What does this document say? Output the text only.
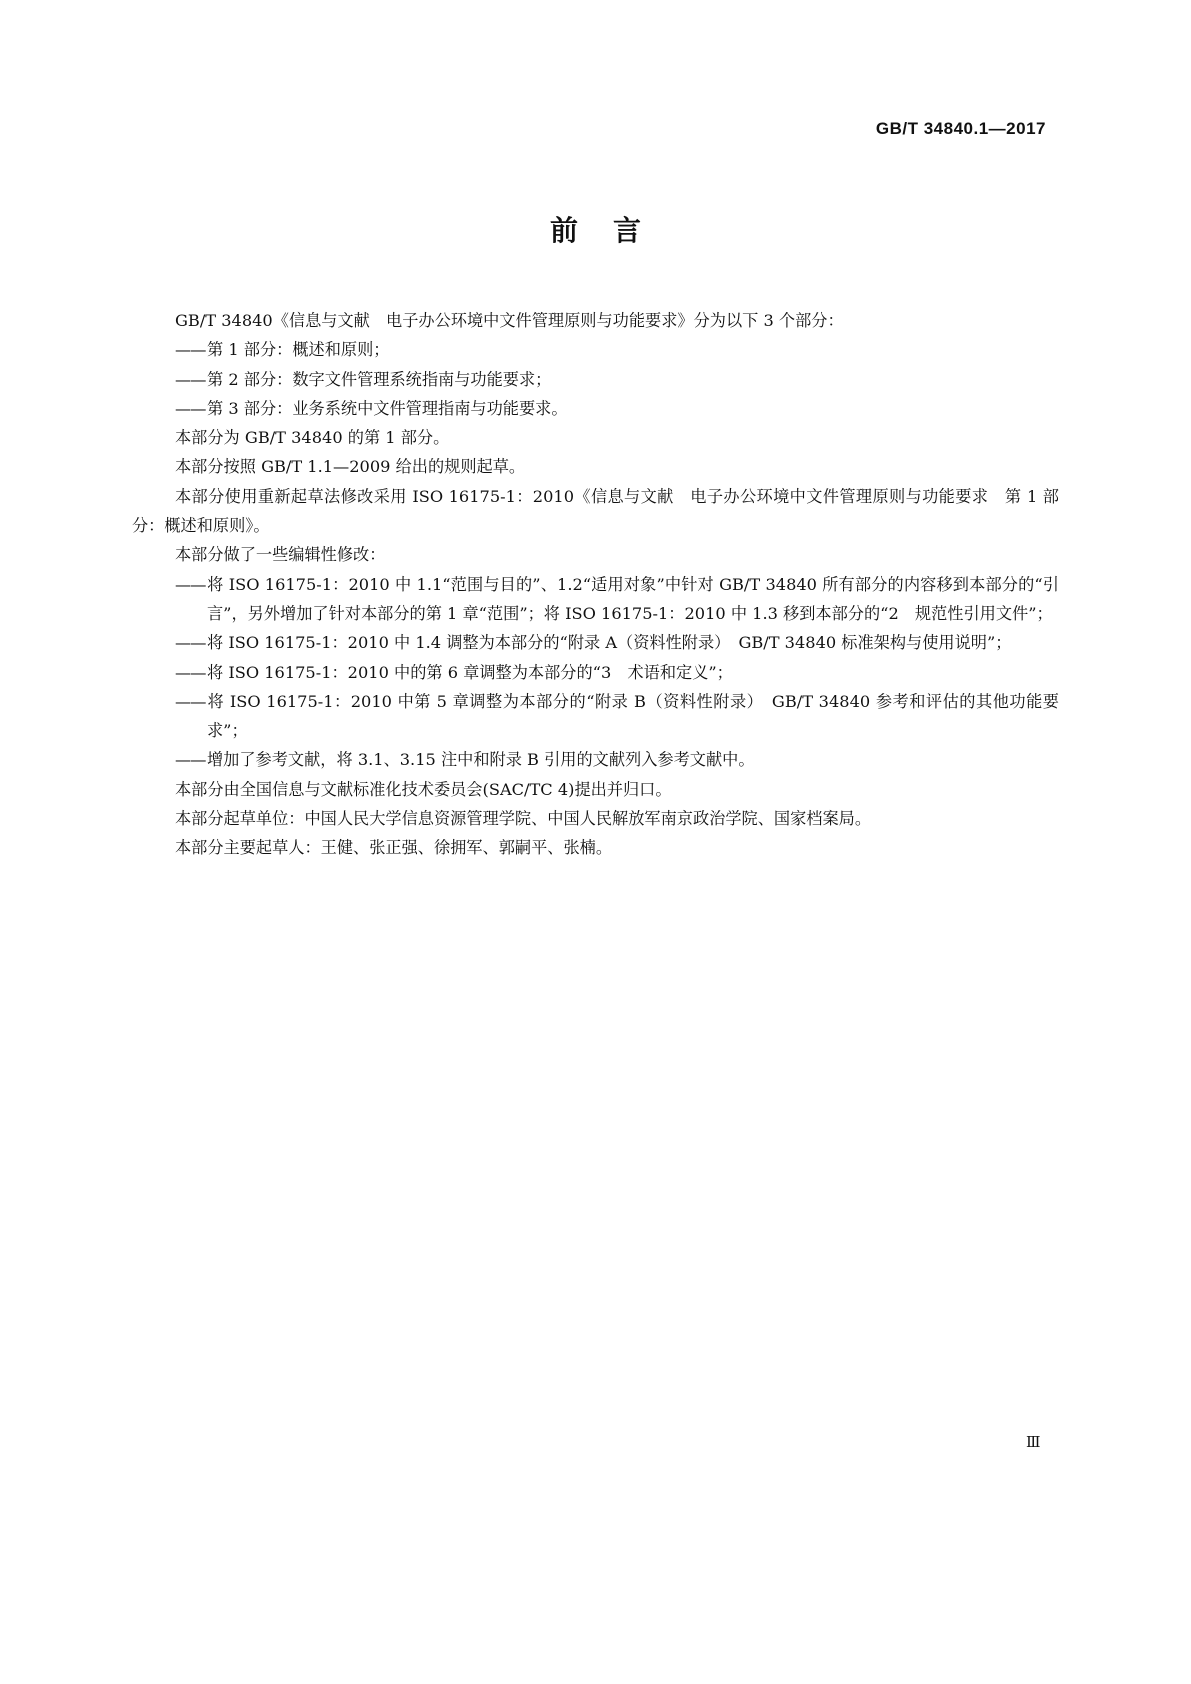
GB/T 34840.1—2017
前言

GB/T 34840《信息与文献　电子办公环境中文件管理原则与功能要求》分为以下 3 个部分：

—— 第 1 部分：概述和原则；

—— 第 2 部分：数字文件管理系统指南与功能要求；

—— 第 3 部分：业务系统中文件管理指南与功能要求。

本部分为 GB/T 34840 的第 1 部分。

本部分按照 GB/T 1.1—2009 给出的规则起草。

本部分使用重新起草法修改采用 ISO 16175-1：2010《信息与文献　电子办公环境中文件管理原则与功能要求　第 1 部分：概述和原则》。

本部分做了一些编辑性修改：

—— 将 ISO 16175-1：2010 中 1.1“范围与目的”、1.2“适用对象”中针对 GB/T 34840 所有部分的内容移到本部分的“引言”，另外增加了针对本部分的第 1 章“范围”；将 ISO 16175-1：2010 中 1.3 移到本部分的“2　规范性引用文件”；

—— 将 ISO 16175-1：2010 中 1.4 调整为本部分的“附录 A（资料性附录）　GB/T 34840 标准架构与使用说明”；

—— 将 ISO 16175-1：2010 中的第 6 章调整为本部分的“3　术语和定义”；

—— 将 ISO 16175-1：2010 中第 5 章调整为本部分的“附录 B（资料性附录）　GB/T 34840 参考和评估的其他功能要求”；

—— 增加了参考文献，将 3.1、3.15 注中和附录 B 引用的文献列入参考文献中。

本部分由全国信息与文献标准化技术委员会(SAC/TC 4)提出并归口。

本部分起草单位：中国人民大学信息资源管理学院、中国人民解放军南京政治学院、国家档案局。

本部分主要起草人：王健、张正强、徐拥军、郭嗣平、张楠。

Ⅲ
